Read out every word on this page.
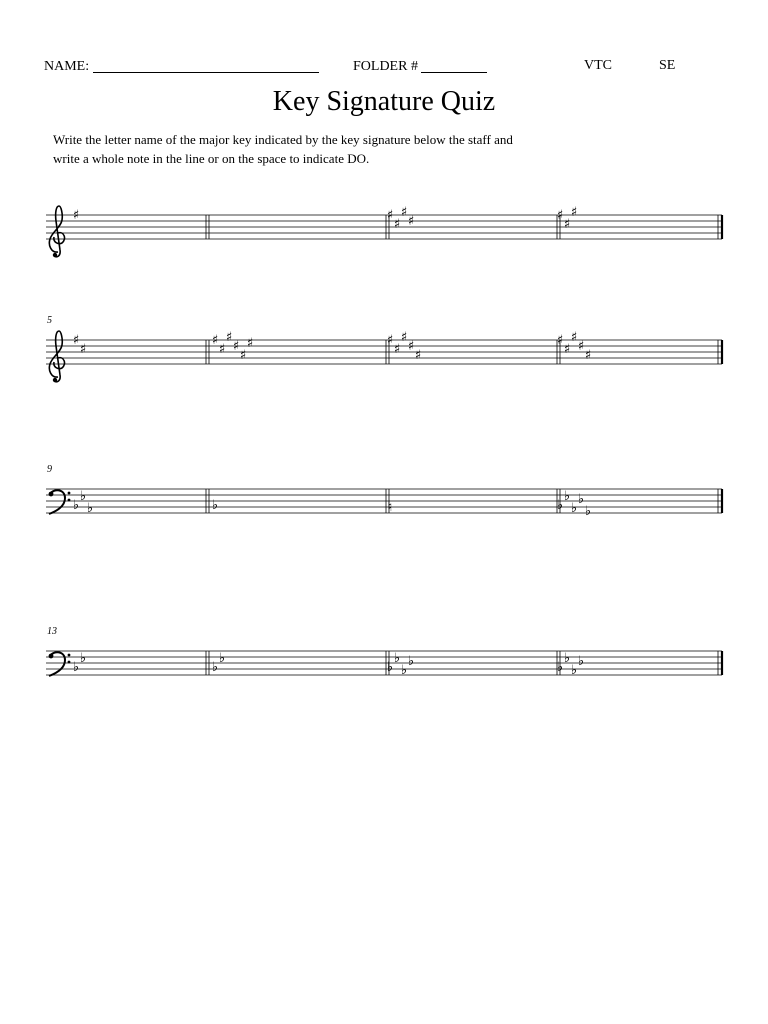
NAME:	FOLDER #	VTC	SE
Key Signature Quiz

Write the letter name of the major key indicated by the key signature below the staff and
write a whole note in the line or on the space to indicate DO.

♯	♯
♯
♯
♯	♯
♯
♯
5
♯
♯
♯
♯
♯
♯
♯
♯	♯
♯
♯
♯
♯
♯
♯
♯
♯
♯
9
♭
♭
♭	♭	♮	♭
♭
♭
♭
♭
13
♭
♭
♭
♭
♭
♭
♭
♭	♭
♭
♭
♭
